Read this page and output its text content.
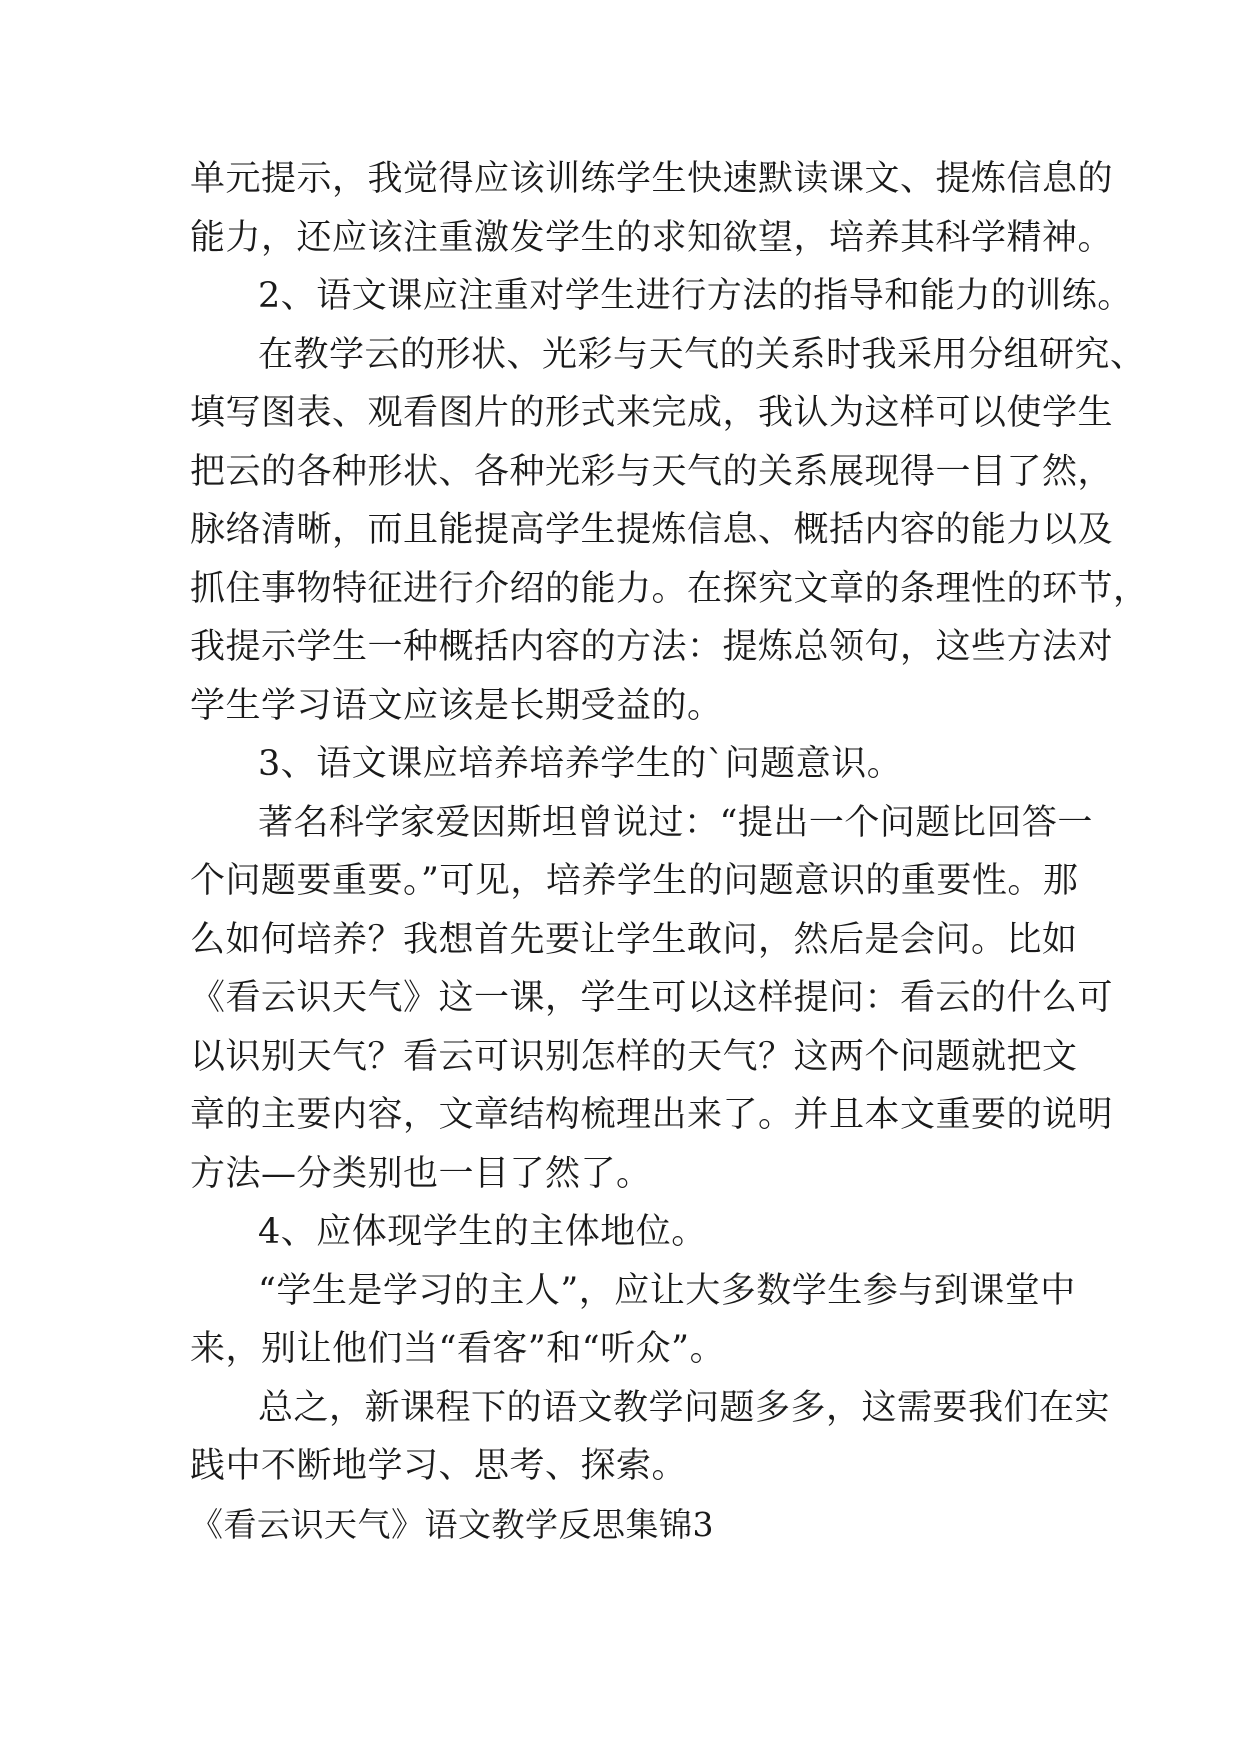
单元提示，我觉得应该训练学生快速默读课文、提炼信息的
能力，还应该注重激发学生的求知欲望，培养其科学精神。
2、语文课应注重对学生进行方法的指导和能力的训练。
在教学云的形状、光彩与天气的关系时我采用分组研究、
填写图表、观看图片的形式来完成，我认为这样可以使学生
把云的各种形状、各种光彩与天气的关系展现得一目了然，
脉络清晰，而且能提高学生提炼信息、概括内容的能力以及
抓住事物特征进行介绍的能力。在探究文章的条理性的环节，
我提示学生一种概括内容的方法：提炼总领句，这些方法对
学生学习语文应该是长期受益的。
3、语文课应培养培养学生的`问题意识。
著名科学家爱因斯坦曾说过：“提出一个问题比回答一
个问题要重要。”可见，培养学生的问题意识的重要性。那
么如何培养？我想首先要让学生敢问，然后是会问。比如
《看云识天气》这一课，学生可以这样提问：看云的什么可
以识别天气？看云可识别怎样的天气？这两个问题就把文
章的主要内容，文章结构梳理出来了。并且本文重要的说明
方法—分类别也一目了然了。
4、应体现学生的主体地位。
“学生是学习的主人”，应让大多数学生参与到课堂中
来，别让他们当“看客”和“听众”。
总之，新课程下的语文教学问题多多，这需要我们在实
践中不断地学习、思考、探索。
《看云识天气》语文教学反思集锦3
